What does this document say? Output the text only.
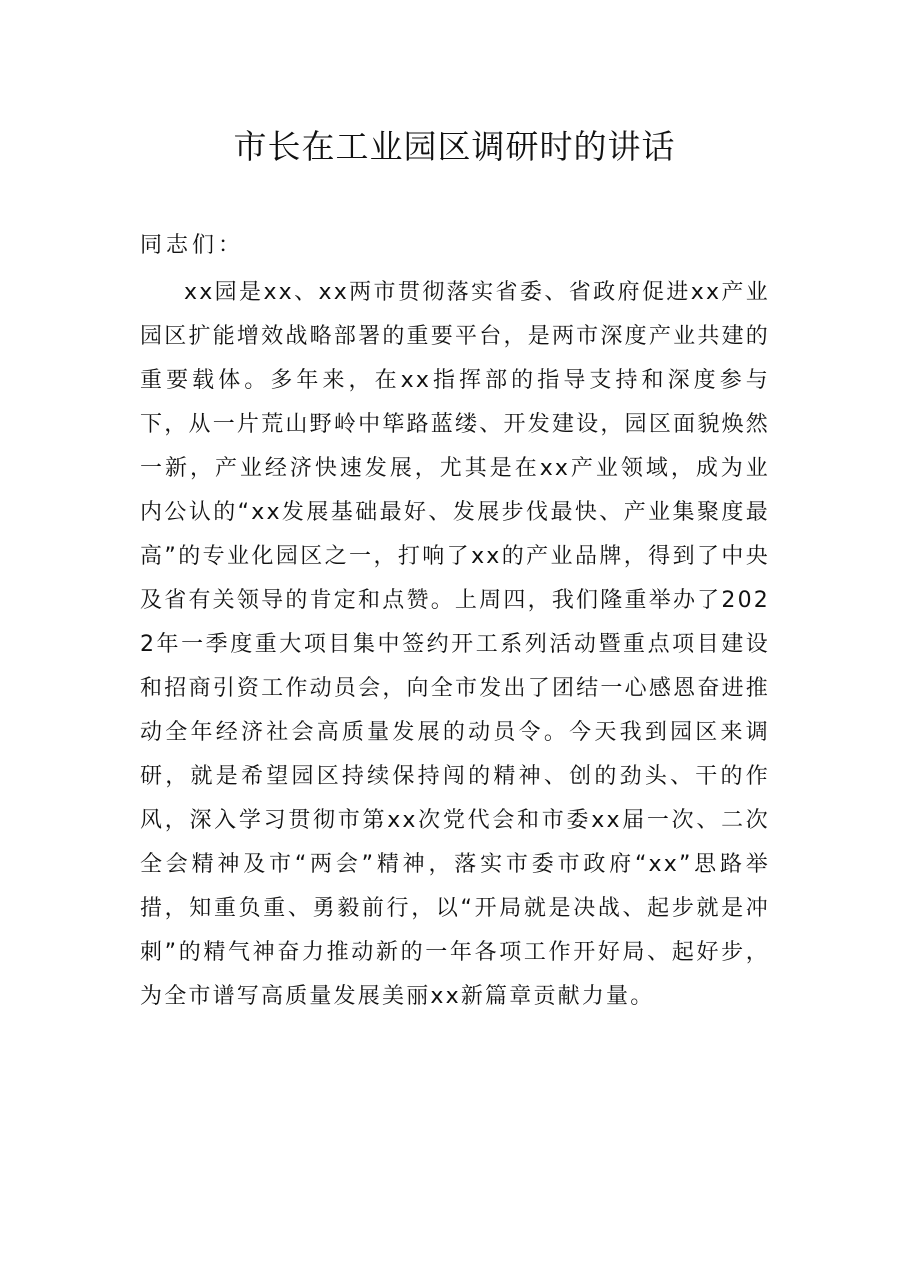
市长在工业园区调研时的讲话
同志们：

xx园是xx、xx两市贯彻落实省委、省政府促进xx产业园区扩能增效战略部署的重要平台，是两市深度产业共建的重要载体。多年来，在xx指挥部的指导支持和深度参与下，从一片荒山野岭中筚路蓝缕、开发建设，园区面貌焕然一新，产业经济快速发展，尤其是在xx产业领域，成为业内公认的“xx发展基础最好、发展步伐最快、产业集聚度最高”的专业化园区之一，打响了xx的产业品牌，得到了中央及省有关领导的肯定和点赞。上周四，我们隆重举办了2022年一季度重大项目集中签约开工系列活动暨重点项目建设和招商引资工作动员会，向全市发出了团结一心感恩奋进推动全年经济社会高质量发展的动员令。今天我到园区来调研，就是希望园区持续保持闯的精神、创的劲头、干的作风，深入学习贯彻市第xx次党代会和市委xx届一次、二次全会精神及市“两会”精神，落实市委市政府“xx”思路举措，知重负重、勇毅前行，以“开局就是决战、起步就是冲刺”的精气神奋力推动新的一年各项工作开好局、起好步，为全市谱写高质量发展美丽xx新篇章贡献力量。
